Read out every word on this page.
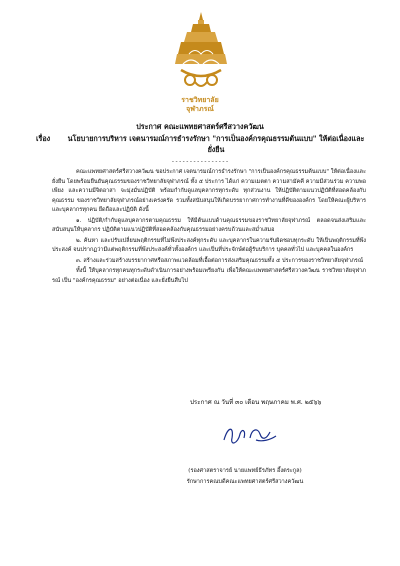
ราชวิทยาลัย
จุฬาภรณ์
ประกาศ คณะแพทยศาสตร์ศรีสวางควัฒน
เรื่อง นโยบายการบริหาร เจตนารมณ์การธำรงรักษา "การเป็นองค์กรคุณธรรมต้นแบบ" ให้ต่อเนื่องและยั่งยืน
----------------

คณะแพทยศาสตร์ศรีสวางควัฒน ขอประกาศ เจตนารมณ์การธำรงรักษา "การเป็นองค์กรคุณธรรมต้นแบบ" ให้ต่อเนื่องและยั่งยืน โดยพร้อมยืนยันคุณธรรมของราชวิทยาลัยจุฬาภรณ์ ทั้ง ๕ ประการ ได้แก่ ความเมตตา ความสามัคคี ความมีส่วนร่วม ความพอเพียง และความมีจิตอาสา จะมุ่งมั่นปฏิบัติ พร้อมกำกับดูแลบุคลากรทุกระดับ ทุกส่วนงาน ให้ปฏิบัติตามแนวปฏิบัติที่สอดคล้องกับคุณธรรม ของราชวิทยาลัยจุฬาภรณ์อย่างเคร่งครัด รวมทั้งสนับสนุนให้เกิดบรรยากาศการทำงานที่ดีขององค์กร โดยให้คณะผู้บริหารและบุคลากรทุกคน ยึดถือและปฏิบัติ ดังนี้

๑. ปฏิบัติ/กำกับดูแลบุคลากรตามคุณธรรม ให้มีต้นแบบด้านคุณธรรมของราชวิทยาลัยจุฬาภรณ์ ตลอดจนส่งเสริมและสนับสนุนให้บุคลากร ปฏิบัติตามแนวปฏิบัติที่สอดคล้องกับคุณธรรมอย่างครบถ้วนและสม่ำเสมอ

๒. ค้นหา และปรับเปลี่ยนพฤติกรรมที่ไม่พึงประสงค์ทุกระดับ และบุคลากรในความรับผิดชอบทุกระดับ ให้เป็นพฤติกรรมที่พึงประสงค์ จนปรากฏว่ามีแต่พฤติกรรมที่พึงประสงค์ทั่วทั้งองค์กร และเป็นที่ประจักษ์ต่อผู้รับบริการ บุคคลทั่วไป และบุคคลในองค์กร

๓. สร้างและร่วมสร้างบรรยากาศหรือสภาพแวดล้อมที่เอื้อต่อการส่งเสริมคุณธรรมทั้ง ๕ ประการของราชวิทยาลัยจุฬาภรณ์

ทั้งนี้ ให้บุคลากรทุกคนทุกระดับดำเนินการอย่างพร้อมเพรียงกัน เพื่อให้คณะแพทยศาสตร์ศรีสวางควัฒน ราชวิทยาลัยจุฬาภรณ์ เป็น "องค์กรคุณธรรม" อย่างต่อเนื่อง และยั่งยืนสืบไป

ประกาศ ณ วันที่ ๓๐ เดือน พฤษภาคม พ.ศ. ๒๕๖๖
(รองศาสตราจารย์ นายแพทย์ธีรภัทร อึ้งตระกูล)
รักษาการคณบดีคณะแพทยศาสตร์ศรีสวางควัฒน
